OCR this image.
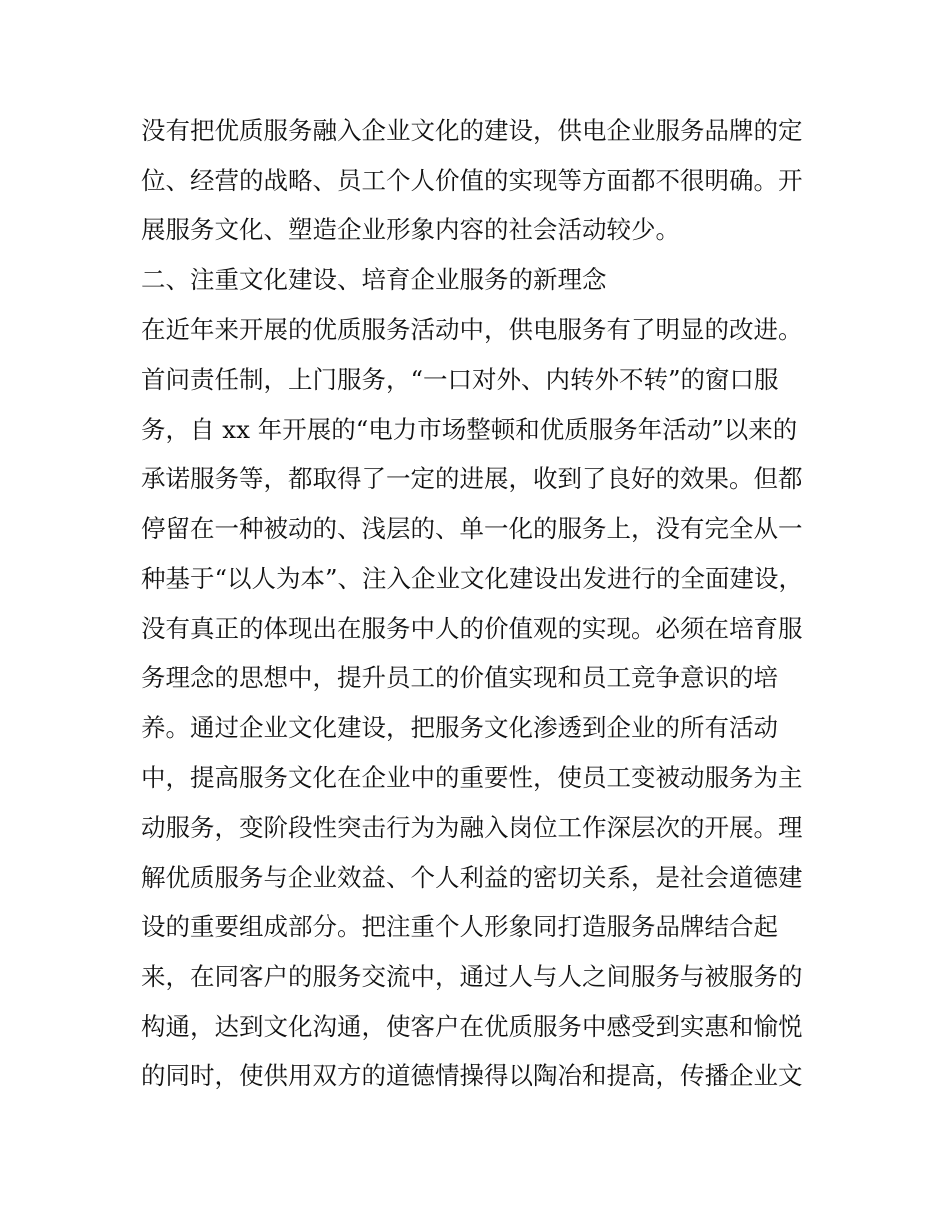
没有把优质服务融入企业文化的建设，供电企业服务品牌的定
位、经营的战略、员工个人价值的实现等方面都不很明确。开
展服务文化、塑造企业形象内容的社会活动较少。
二、注重文化建设、培育企业服务的新理念
在近年来开展的优质服务活动中，供电服务有了明显的改进。
首问责任制，上门服务，“一口对外、内转外不转”的窗口服
务，自 xx 年开展的“电力市场整顿和优质服务年活动”以来的
承诺服务等，都取得了一定的进展，收到了良好的效果。但都
停留在一种被动的、浅层的、单一化的服务上，没有完全从一
种基于“以人为本”、注入企业文化建设出发进行的全面建设，
没有真正的体现出在服务中人的价值观的实现。必须在培育服
务理念的思想中，提升员工的价值实现和员工竞争意识的培
养。通过企业文化建设，把服务文化渗透到企业的所有活动
中，提高服务文化在企业中的重要性，使员工变被动服务为主
动服务，变阶段性突击行为为融入岗位工作深层次的开展。理
解优质服务与企业效益、个人利益的密切关系，是社会道德建
设的重要组成部分。把注重个人形象同打造服务品牌结合起
来，在同客户的服务交流中，通过人与人之间服务与被服务的
构通，达到文化沟通，使客户在优质服务中感受到实惠和愉悦
的同时，使供用双方的道德情操得以陶冶和提高，传播企业文
